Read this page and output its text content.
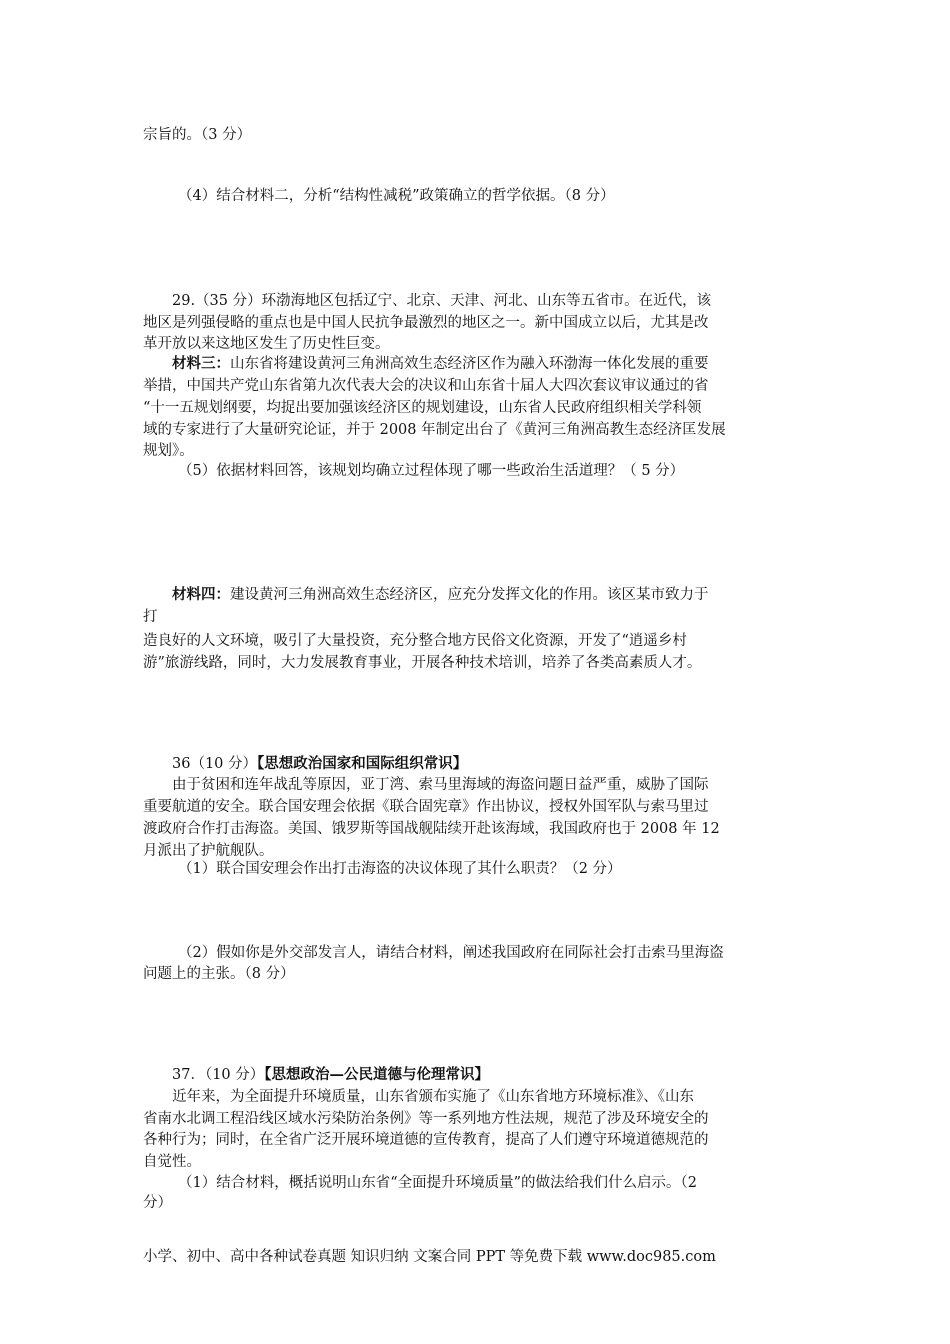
宗旨的。（3 分）
（4）结合材料二，分析“结构性减税”政策确立的哲学依据。（8 分）
29.（35 分）环渤海地区包括辽宁、北京、天津、河北、山东等五省市。在近代，该
地区是列强侵略的重点也是中国人民抗争最激烈的地区之一。新中国成立以后，尤其是改
革开放以来这地区发生了历史性巨变。
材料三：山东省将建设黄河三角洲高效生态经济区作为融入环渤海一体化发展的重要
举措，中国共产党山东省第九次代表大会的决议和山东省十届人大四次套议审议通过的省
“十一五规划纲要，均捉出要加强该经济区的规划建设，山东省人民政府组织相关学科领
域的专家进行了大量研究论证，并于 2008 年制定出台了《黄河三角洲高教生态经济匡发展
规划》。
（5）依据材料回答，该规划均确立过程体现了哪一些政治生活道理？（ 5 分）
材料四：建设黄河三角洲高效生态经济区，应充分发挥文化的作用。该区某市致力于
打
造良好的人文环境，吸引了大量投资，充分整合地方民俗文化资源，开发了“逍遥乡村
游”旅游线路，同时，大力发展教育事业，开展各种技术培训，培养了各类高素质人才。
36（10 分）【思想政治国家和国际组织常识】
由于贫困和连年战乱等原因，亚丁湾、索马里海域的海盗问题日益严重，威胁了国际
重要航道的安全。联合国安理会依据《联合固宪章》作出协议，授权外国军队与索马里过
渡政府合作打击海盗。美国、饿罗斯等国战舰陆续开赴该海域，我国政府也于 2008 年 12
月派出了护航舰队。
（1）联合国安理会作出打击海盗的决议体现了其什么职责？（2 分）
（2）假如你是外交部发言人，请结合材料，阐述我国政府在同际社会打击索马里海盗
问题上的主张。（8 分）
37．（10 分）【思想政治—公民道德与伦理常识】
近年来，为全面提升环境质量，山东省颁布实施了《山东省地方环境标准》、《山东
省南水北调工程沿线区域水污染防治条例》等一系列地方性法规，规范了涉及环境安全的
各种行为；同时，在全省广泛开展环境道德的宣传教育，提高了人们遵守环境道德规范的
自觉性。
（1）结合材料，概括说明山东省“全面提升环境质量”的做法给我们什么启示。（2
分）
小学、初中、高中各种试卷真题 知识归纳 文案合同 PPT 等免费下载 www.doc985.com
